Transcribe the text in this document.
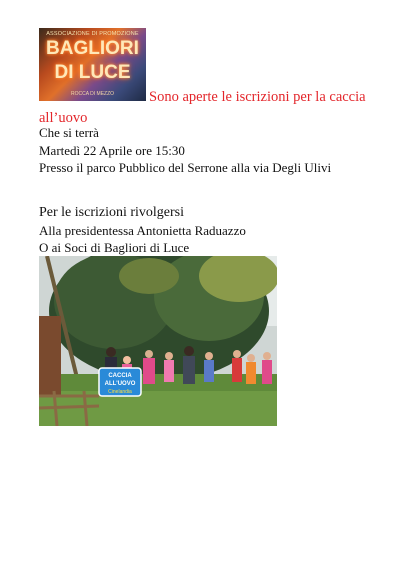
ASSOCIAZIONE DI PROMOZIONE
BAGLIORI
DI LUCE
ROCCA DI MEZZO	Sono aperte le iscrizioni per la caccia all’uovo
Che si terrà
Martedì 22 Aprile ore 15:30
Presso il parco Pubblico del Serrone alla via Degli Ulivi
Per le iscrizioni rivolgersi
Alla presidentessa Antonietta Raduazzo
O ai Soci di Bagliori di Luce
CACCIA
ALL'UOVO
Cinelandia
